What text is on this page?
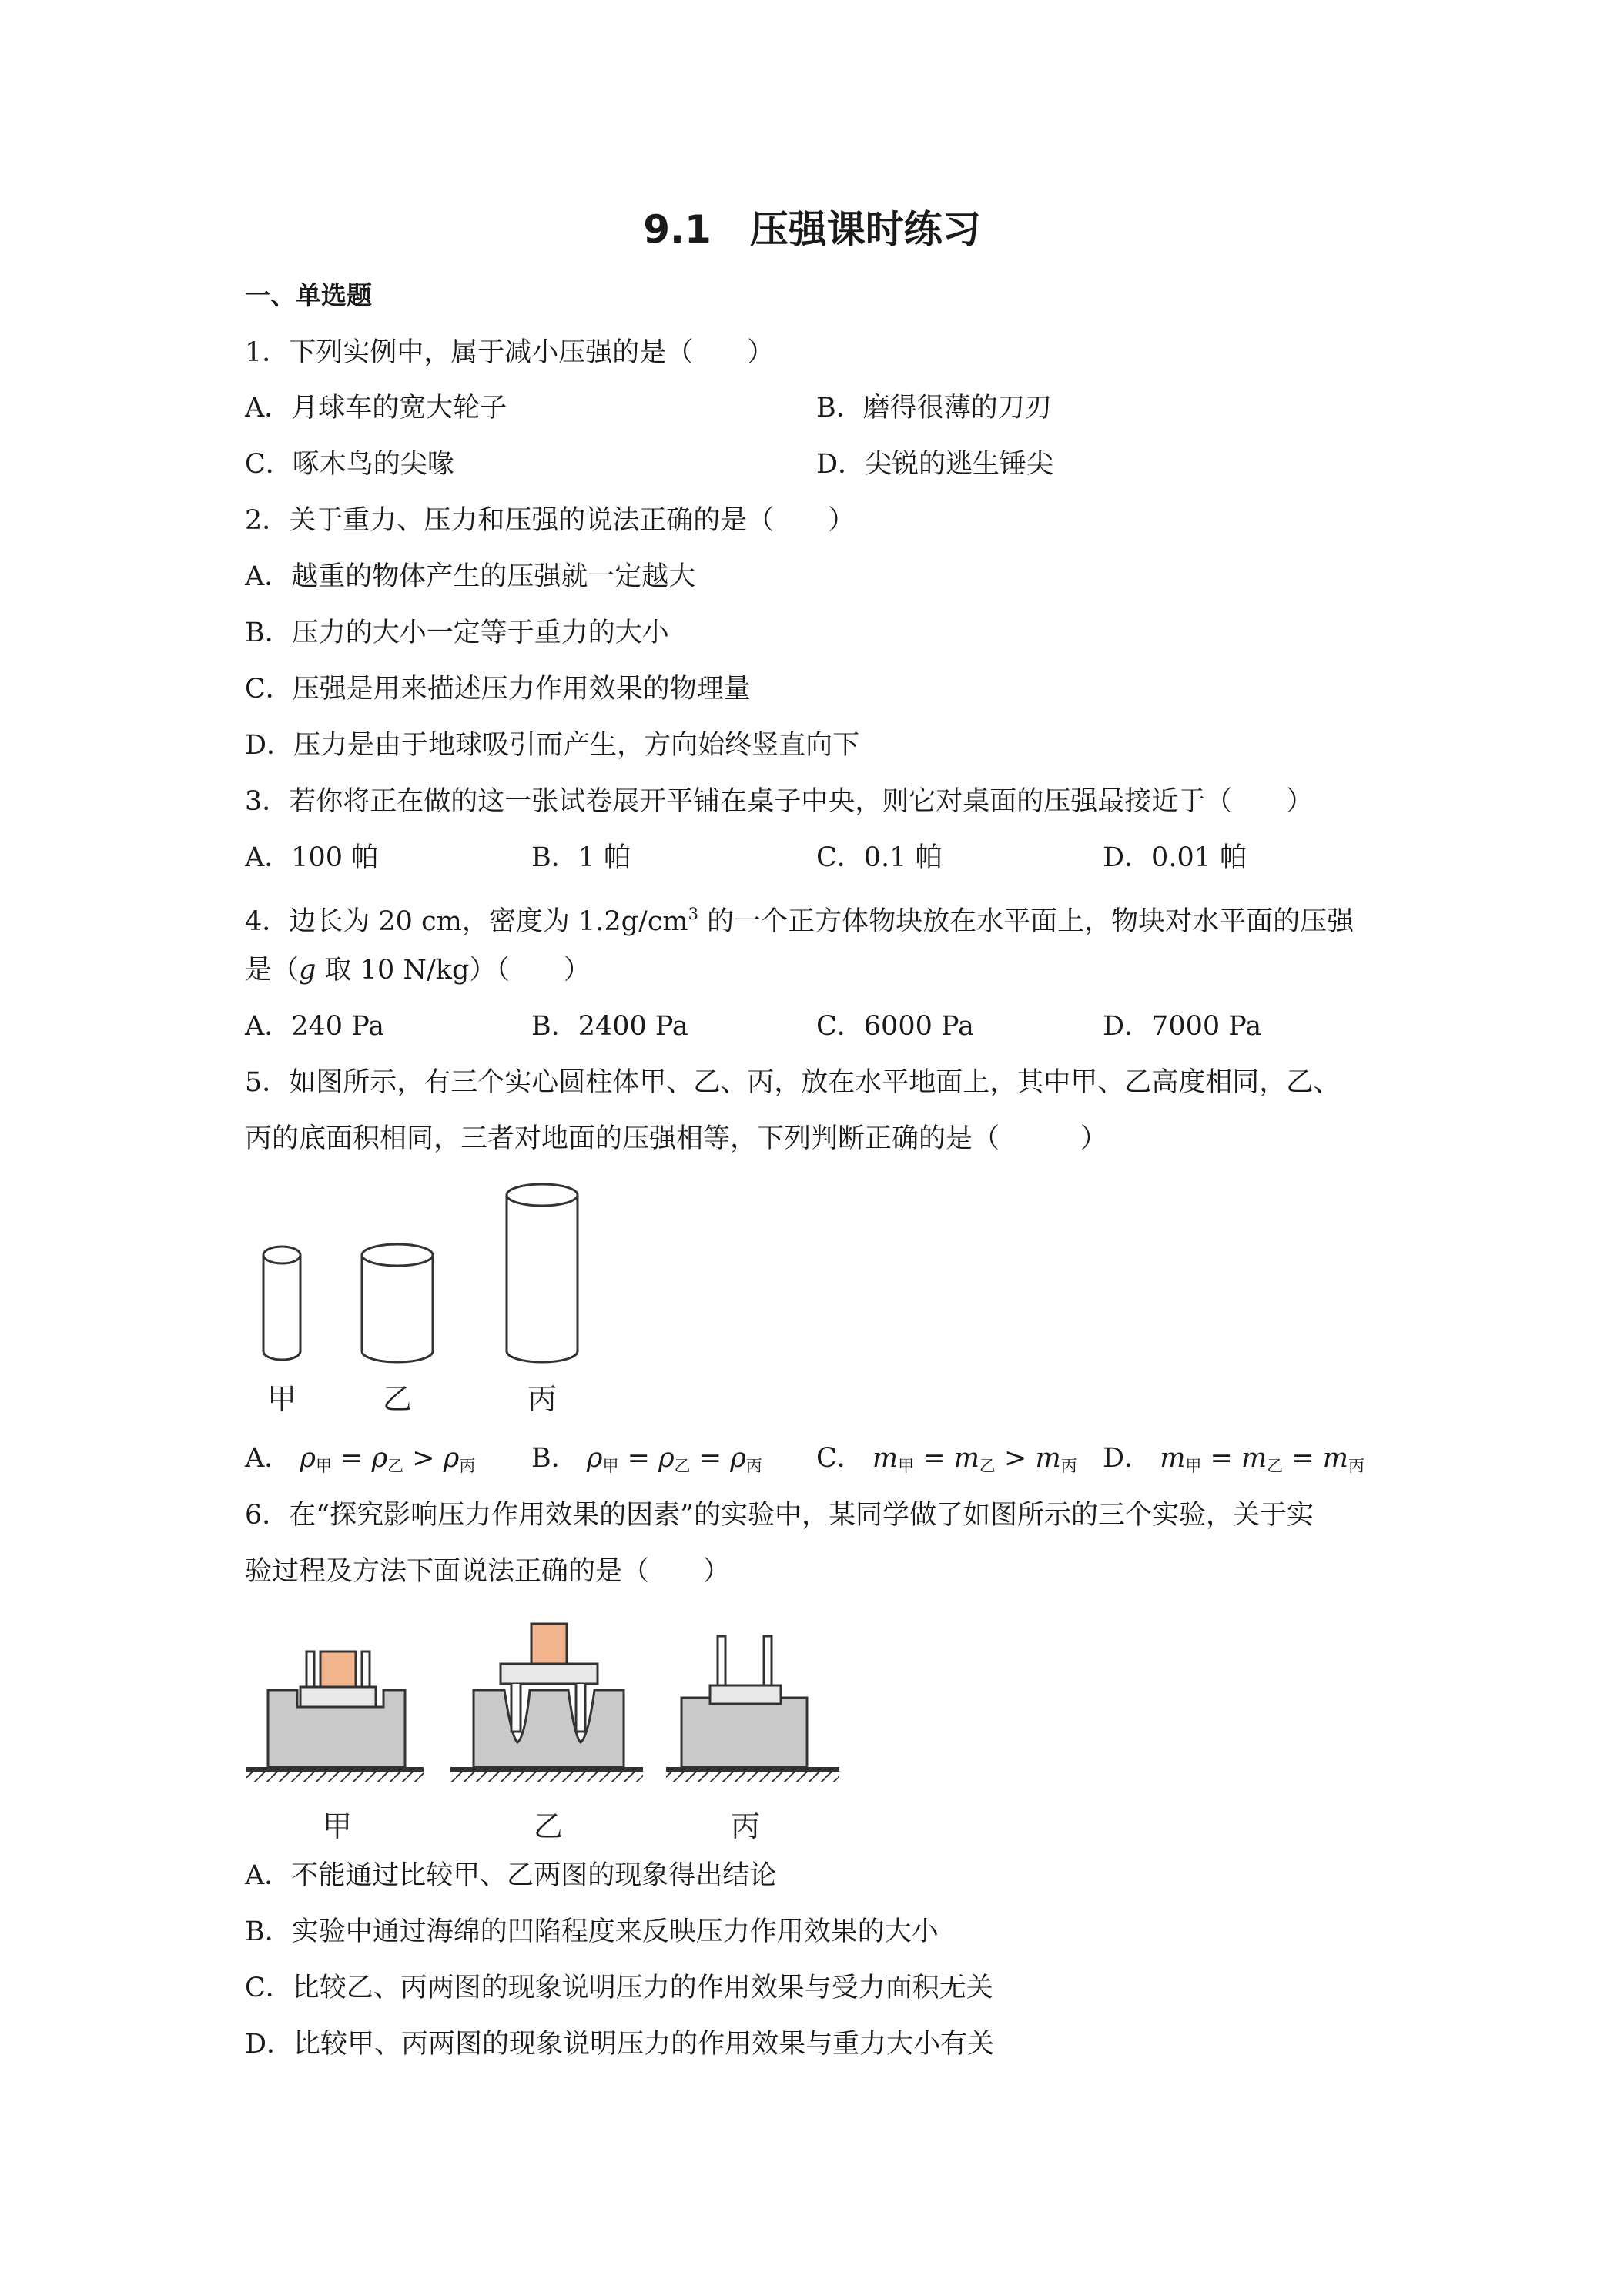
9.1　压强课时练习
一、单选题
1．下列实例中，属于减小压强的是（　　）
A．月球车的宽大轮子	B．磨得很薄的刀刃
C．啄木鸟的尖喙	D．尖锐的逃生锤尖
2．关于重力、压力和压强的说法正确的是（　　）
A．越重的物体产生的压强就一定越大
B．压力的大小一定等于重力的大小
C．压强是用来描述压力作用效果的物理量
D．压力是由于地球吸引而产生，方向始终竖直向下
3．若你将正在做的这一张试卷展开平铺在桌子中央，则它对桌面的压强最接近于（　　）
A．100 帕	B．1 帕	C．0.1 帕	D．0.01 帕
4．边长为 20 cm，密度为 $1.2g/cm^3$ 的一个正方体物块放在水平面上，物块对水平面的压强
是（g 取 10 N/kg）（　　）
A．240 Pa	B．2400 Pa	C．6000 Pa	D．7000 Pa
5．如图所示，有三个实心圆柱体甲、乙、丙，放在水平地面上，其中甲、乙高度相同，乙、
丙的底面积相同，三者对地面的压强相等，下列判断正确的是（　　　）
甲	乙	丙
A． $\rho_甲 = \rho_乙 > \rho_丙$ B． $\rho_甲 = \rho_乙 = \rho_丙$ C． $m_甲 = m_乙 > m_丙$ D． $m_甲 = m_乙 = m_丙$
6．在“探究影响压力作用效果的因素”的实验中，某同学做了如图所示的三个实验，关于实
验过程及方法下面说法正确的是（　　）
甲	乙	丙
A．不能通过比较甲、乙两图的现象得出结论
B．实验中通过海绵的凹陷程度来反映压力作用效果的大小
C．比较乙、丙两图的现象说明压力的作用效果与受力面积无关
D．比较甲、丙两图的现象说明压力的作用效果与重力大小有关
